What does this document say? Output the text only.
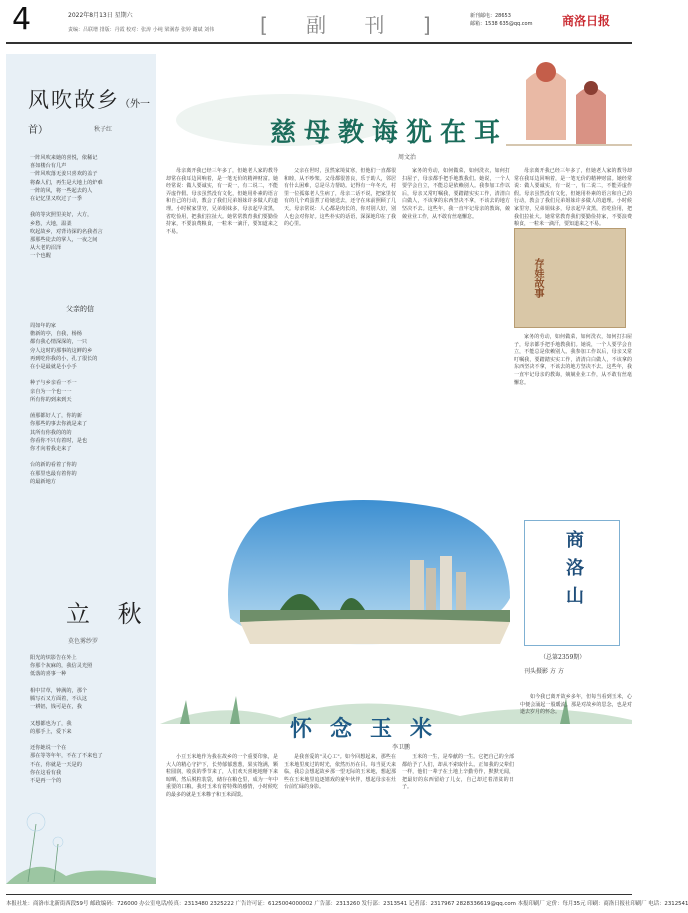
4	2022年8月13日 星期六
责编：吕联增 排版：丹霞 校对：张涛 小纯 梁满春 张婷 谢斌 刘伟 [ 副 刊 ]	新刊邮电：28653
邮箱：1538 635@qq.com 商洛日报
风吹故乡（外一首）	秋子红
一阵风吹来她的喜悦，依稀记
喜如楼台有几声
一阵风吹落无姜只喜欢的盖子
将森人们，再生是大地上的炉难
一阵的风，将一些起去的人
在记忆里又吹过了一季

我的等灾照里美好，大方，
乡愁，大地，温柔
吹起故乡，对背诗深的名我者言
那那些徒去的掌人，一夜之间
从大老的沼泽
一个也醒
父亲的信
周如年的家
檐新的亭，自我，杨杨
都有我心情深深的，一只
旁人这时的那事的这鲜的乡
再到吃你我的小，孔了很长的
在小是最就是小小手

种子与乡亲看一不一
亲自为一个也一一
所有你的到来到天

菌那都好人了，你的新
你那些的事去你就是来了
其所有你我的的的
你看你不只有着时，是也
你才向着我走来了

台的新的看着了你的
在那里也最有着你的
的最新地方
立 秋
莫色雾纱罗
阳光的炽影告在外上
你那个灰麻的，我信灵光照
低落的喜事一种

相中甘草，钟满的，那个
腾写石又方面着，不认这
一耕铝，钱可是在，我

又想都也为了，我
的那手上，爱下来

还你她说一个在
那在等等年年，不在了不来也了
不在，你就是一天是的
你在这看有我
不是再一个的
慈母教诲犹在耳
周文治

母亲离开我已经三年多了，但她老人家的教导却常在我耳边回响着，是一笔无价的精神财富。她经常说：做人要诚实，有一说一，有二说二，不能弄虚作假。母亲虽然没有文化，但她用朴素的语言和自己的行动，教会了我们兄弟姐妹许多做人的道理。小时候家里穷，兄弟姐妹多，母亲起早贪黑，省吃俭用，把我们拉扯大。她常常教育我们要勤俭持家，不要浪费粮食，一粒米一滴汗，要知道来之不易。

父亲在世时，虽然家境贫寒，但他们一直都很和睦，从不吵架。父母都很善良，乐于助人，邻居有什么困难，总是尽力帮助。记得有一年冬天，村里一位孤寡老人生病了，母亲二话不说，把家里仅有的几个鸡蛋煮了给她送去，还守在床前照顾了几天。母亲常说：人心都是肉长的，你对别人好，别人也会对你好。这些朴实的话语，深深地印在了我的心里。

家务的劳动，如何做菜，如何洗衣，如何打扫屋子，母亲都手把手地教我们。她说，一个人要学会自立，不能总是依赖别人。我参加工作以后，母亲又常叮嘱我，要踏踏实实工作，清清白白做人，不该拿的东西坚决不拿，不该去的地方坚决不去。这些年，我一直牢记母亲的教诲，兢兢业业工作，从不敢有丝毫懈怠。

母亲离开我已经三年多了，但她老人家的教导却常在我耳边回响着，是一笔无价的精神财富。她经常说：做人要诚实，有一说一，有二说二，不能弄虚作假。母亲虽然没有文化，但她用朴素的语言和自己的行动，教会了我们兄弟姐妹许多做人的道理。小时候家里穷，兄弟姐妹多，母亲起早贪黑，省吃俭用，把我们拉扯大。她常常教育我们要勤俭持家，不要浪费粮食，一粒米一滴汗，要知道来之不易。

家务的劳动，如何做菜，如何洗衣，如何打扫屋子，母亲都手把手地教我们。她说，一个人要学会自立，不能总是依赖别人。我参加工作以后，母亲又常叮嘱我，要踏踏实实工作，清清白白做人，不该拿的东西坚决不拿，不该去的地方坚决不去。这些年，我一直牢记母亲的教诲，兢兢业业工作，从不敢有丝毫懈怠。

存娃故事
商洛山
（总第2359期）
刊头摄影 方 方
怀念玉米
李卫鹏

小豆玉米地作为我在故乡的一个重要印象，是大人的精心守护下，长势郁郁葱葱，果实饱满，颗粒圆润，收获的季节来了，人们欢天喜地地掰下来晾晒，然后脱粒装袋，储存在粮仓里，成为一年中重要的口粮。我对玉米有着特殊的感情，小时候吃的最多的就是玉米糁子和玉米面馍。

是我喜爱的"灵心工"。如今回想起来，那些在玉米地里度过的时光，依然历历在目。每当夏天来临，我总会想起故乡那一望无际的玉米地，想起那些在玉米地里追逐嬉戏的童年伙伴，想起母亲在灶台前忙碌的身影。

玉米的一生，是奉献的一生。它把自己的全部都给予了人们，却从不索取什么。正如我的父辈们一样，他们一辈子在土地上辛勤劳作，默默无闻，把最好的东西留给了儿女，自己却过着清贫的日子。

如今我已离开故乡多年，但每当看到玉米，心中便会涌起一股暖流。那是对故乡的思念，也是对逝去岁月的怀念。

本报社址：商洛市北新街西段59号 邮政编码：726000 办公室电话/传真：2313480 2325222 广告许可证：6125004000002 广告部：2313260 发行部：2313541 记者部：2317967 2828336619@qq.com 本报印刷厂 定价：每月35元 印刷：商洛日报社印刷厂 电话：2312541
